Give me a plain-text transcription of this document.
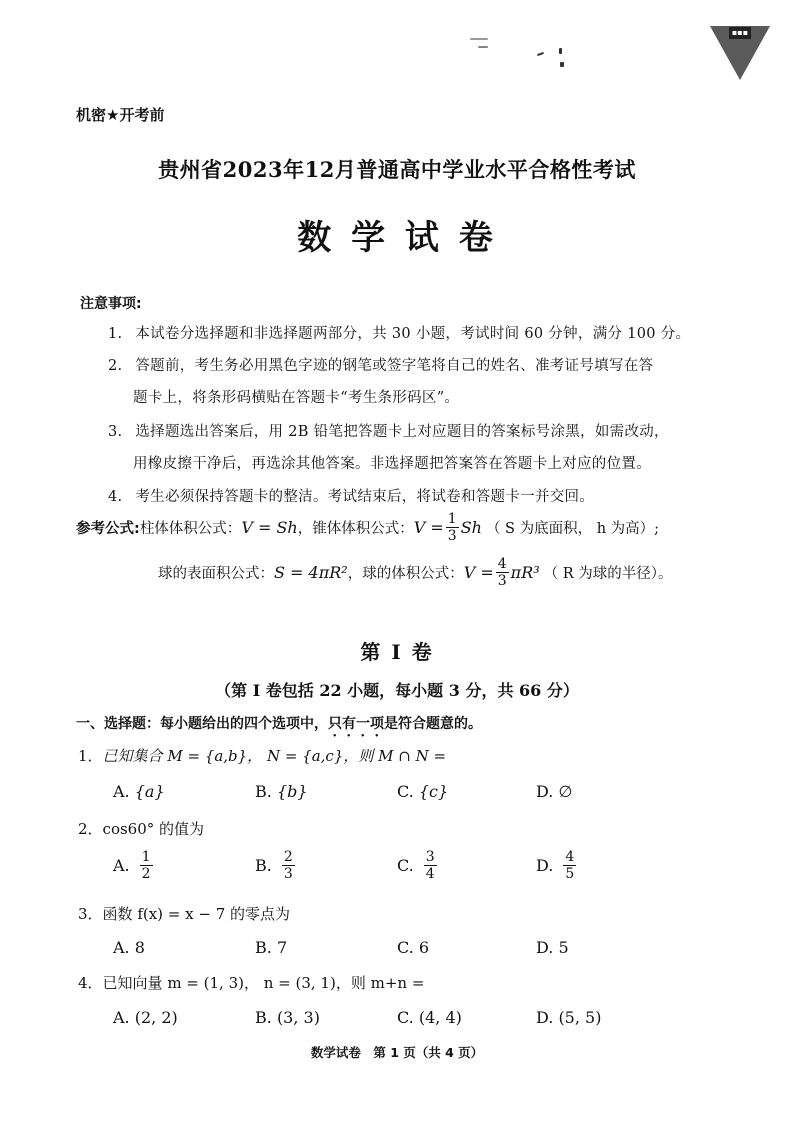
▪▪▪
机密★开考前
贵州省2023年12月普通高中学业水平合格性考试
数 学 试 卷
注意事项:
1. 本试卷分选择题和非选择题两部分，共 30 小题，考试时间 60 分钟，满分 100 分。
2. 答题前，考生务必用黑色字迹的钢笔或签字笔将自己的姓名、准考证号填写在答
题卡上，将条形码横贴在答题卡“考生条形码区”。
3. 选择题选出答案后，用 2B 铅笔把答题卡上对应题目的答案标号涂黑，如需改动，
用橡皮擦干净后，再选涂其他答案。非选择题把答案答在答题卡上对应的位置。
4. 考生必须保持答题卡的整洁。考试结束后，将试卷和答题卡一并交回。
参考公式: 柱体体积公式： V = Sh ，锥体体积公式： $V = \frac{1}{3}$ Sh （ S 为底面积， h 为高）;
球的表面积公式： S = 4πR² ，球的体积公式： $V = \frac{4}{3} \pi R^3$ （ R 为球的半径）。
第 I 卷
（第 I 卷包括 22 小题，每小题 3 分，共 66 分）
一、选择题：每小题给出的四个选项中，只有一项是符合题意的。
1．已知集合 M = {a,b}， N = {a,c}，则 M ∩ N =
A. {a}	B. {b}	C. {c}	D. ∅
2．cos60° 的值为
A. $\frac{1}{2}$	B. $\frac{2}{3}$	C. $\frac{3}{4}$	D. $\frac{4}{5}$
3．函数 f(x) = x − 7 的零点为
A. 8	B. 7	C. 6	D. 5
4．已知向量 m = (1, 3)， n = (3, 1)，则 m+n =
A. (2, 2)	B. (3, 3)	C. (4, 4)	D. (5, 5)
数学试卷　第 1 页（共 4 页）
